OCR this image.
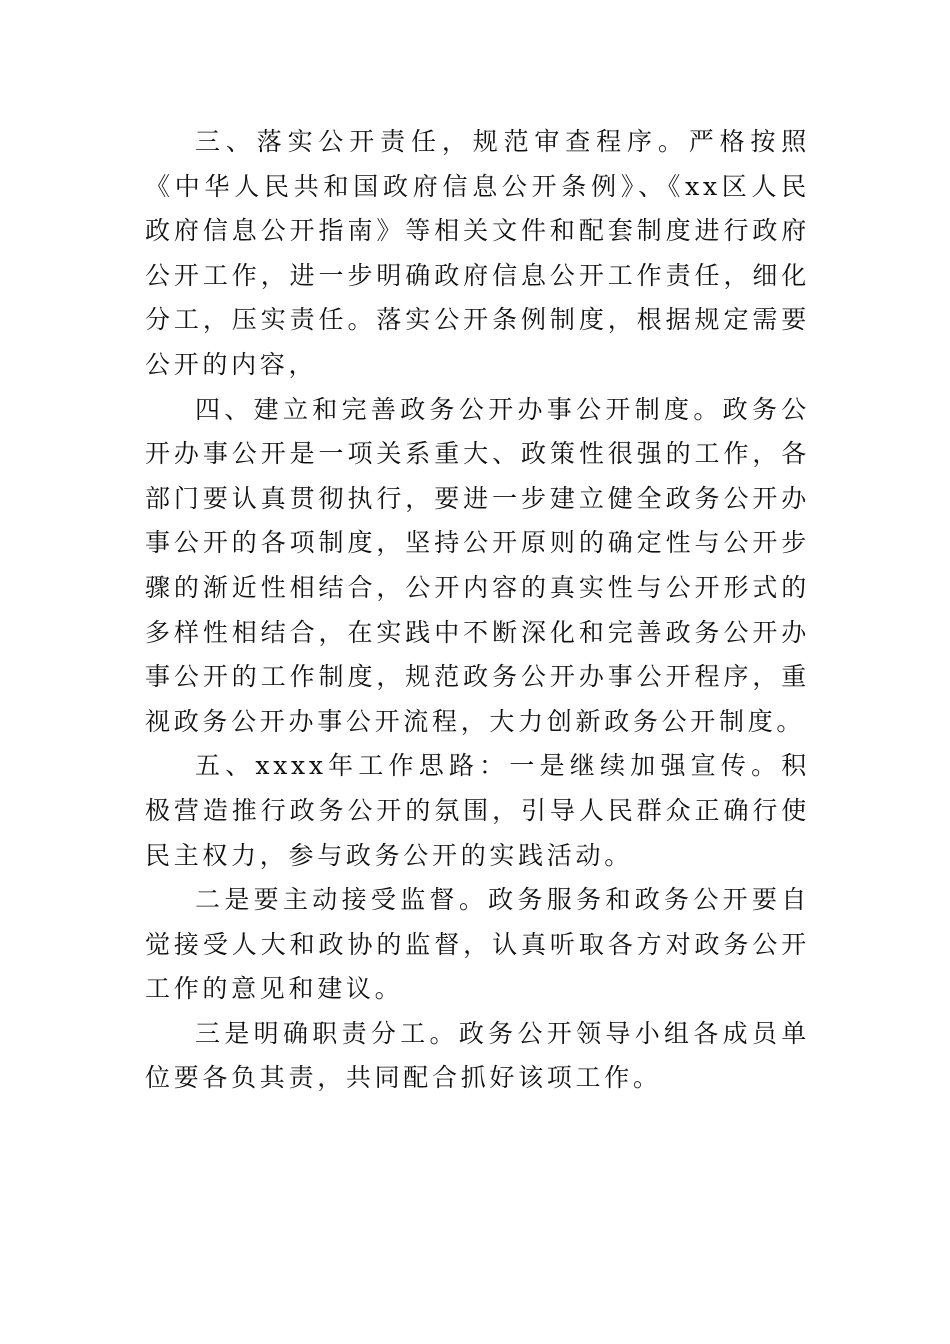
三、落实公开责任，规范审查程序。严格按照《中华人民共和国政府信息公开条例》、《xx区人民政府信息公开指南》等相关文件和配套制度进行政府公开工作，进一步明确政府信息公开工作责任，细化分工，压实责任。落实公开条例制度，根据规定需要公开的内容，

四、建立和完善政务公开办事公开制度。政务公开办事公开是一项关系重大、政策性很强的工作，各部门要认真贯彻执行，要进一步建立健全政务公开办事公开的各项制度，坚持公开原则的确定性与公开步骤的渐近性相结合，公开内容的真实性与公开形式的多样性相结合，在实践中不断深化和完善政务公开办事公开的工作制度，规范政务公开办事公开程序，重视政务公开办事公开流程，大力创新政务公开制度。

五、xxxx年工作思路：一是继续加强宣传。积极营造推行政务公开的氛围，引导人民群众正确行使民主权力，参与政务公开的实践活动。

二是要主动接受监督。政务服务和政务公开要自觉接受人大和政协的监督，认真听取各方对政务公开工作的意见和建议。

三是明确职责分工。政务公开领导小组各成员单位要各负其责，共同配合抓好该项工作。
